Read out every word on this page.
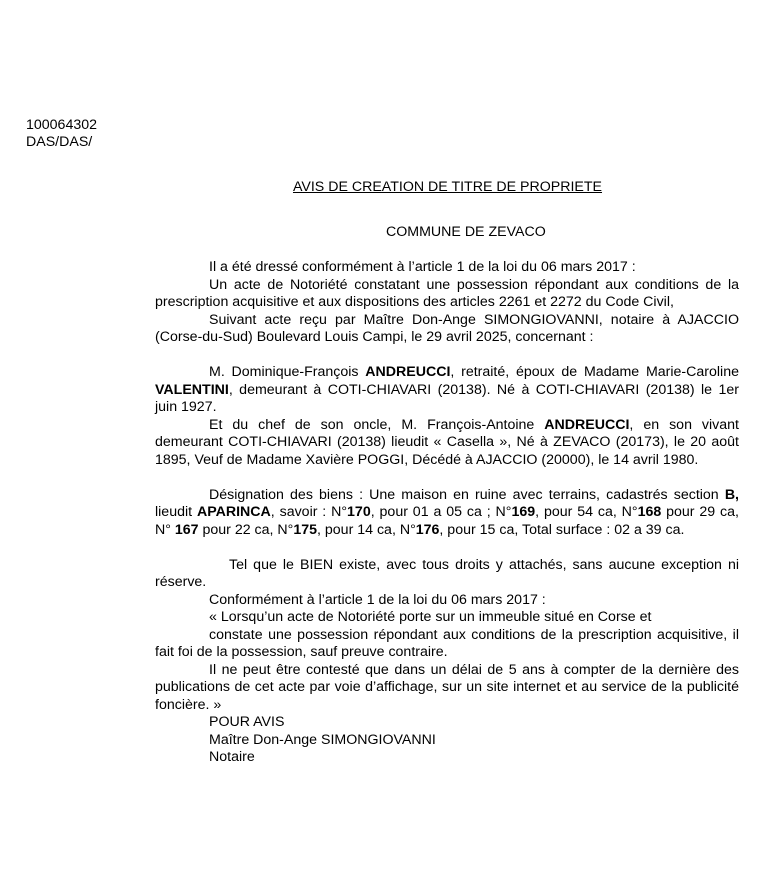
100064302
DAS/DAS/
AVIS DE CREATION DE TITRE DE PROPRIETE
COMMUNE DE ZEVACO

Il a été dressé conformément à l’article 1 de la loi du 06 mars 2017 :

Un acte de Notoriété constatant une possession répondant aux conditions de la prescription acquisitive et aux dispositions des articles 2261 et 2272 du Code Civil,

Suivant acte reçu par Maître Don-Ange SIMONGIOVANNI, notaire à AJACCIO (Corse-du-Sud) Boulevard Louis Campi, le 29 avril 2025, concernant :

M. Dominique-François ANDREUCCI, retraité, époux de Madame Marie-Caroline VALENTINI, demeurant à COTI-CHIAVARI (20138). Né à COTI-CHIAVARI (20138) le 1er juin 1927.

Et du chef de son oncle, M. François-Antoine ANDREUCCI, en son vivant demeurant COTI-CHIAVARI (20138) lieudit « Casella », Né à ZEVACO (20173), le 20 août 1895, Veuf de Madame Xavière POGGI, Décédé à AJACCIO (20000), le 14 avril 1980.

Désignation des biens : Une maison en ruine avec terrains, cadastrés section B, lieudit APARINCA, savoir : N°170, pour 01 a 05 ca ; N°169, pour 54 ca, N°168 pour 29 ca, N° 167 pour 22 ca, N°175, pour 14 ca, N°176, pour 15 ca, Total surface : 02 a 39 ca.

Tel que le BIEN existe, avec tous droits y attachés, sans aucune exception ni réserve.

Conformément à l’article 1 de la loi du 06 mars 2017 :

« Lorsqu’un acte de Notoriété porte sur un immeuble situé en Corse et

constate une possession répondant aux conditions de la prescription acquisitive, il fait foi de la possession, sauf preuve contraire.

Il ne peut être contesté que dans un délai de 5 ans à compter de la dernière des publications de cet acte par voie d’affichage, sur un site internet et au service de la publicité foncière. »

POUR AVIS

Maître Don-Ange SIMONGIOVANNI

Notaire
